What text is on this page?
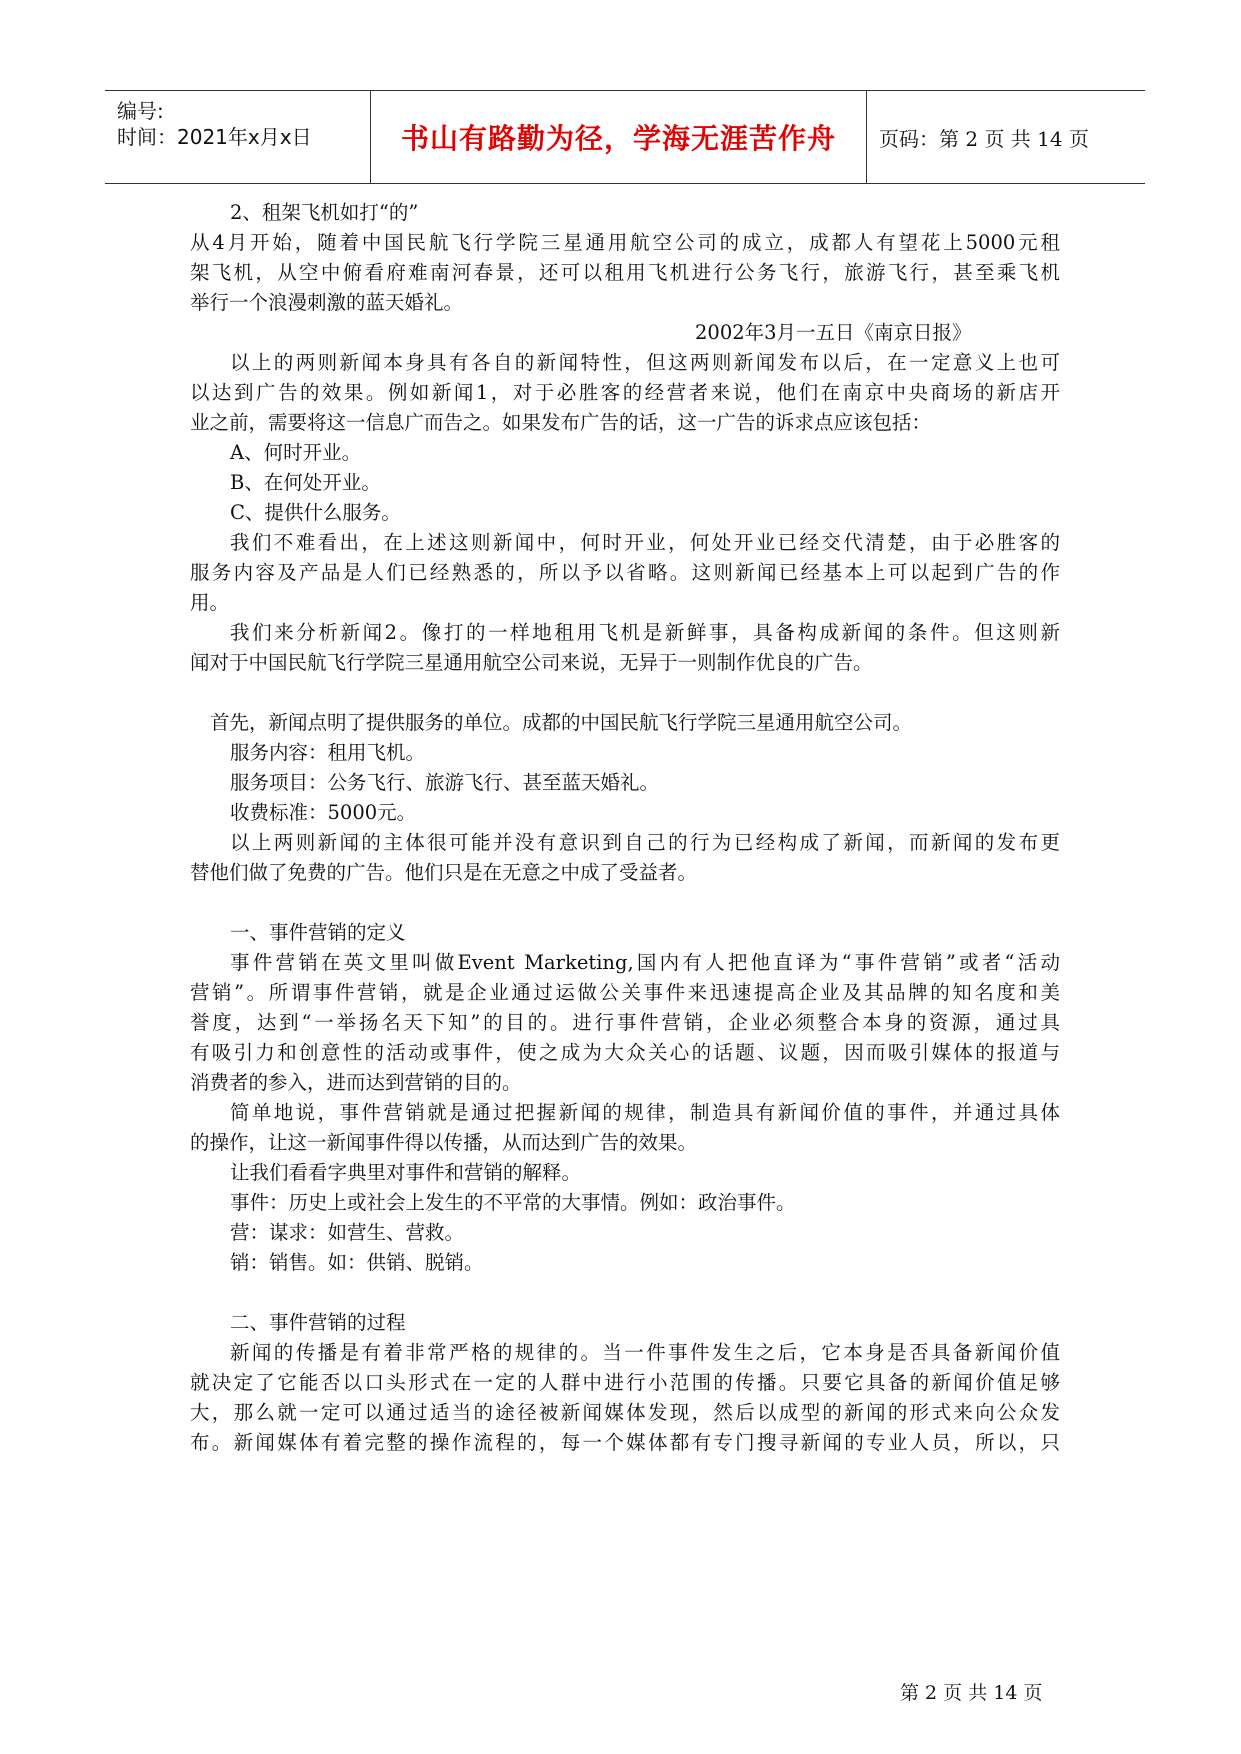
编号:
时间：2021年x月x日	书山有路勤为径，学海无涯苦作舟	页码：第 2 页 共 14 页
2、租架飞机如打“的”
从4月开始，随着中国民航飞行学院三星通用航空公司的成立，成都人有望花上5000元租
架飞机，从空中俯看府难南河春景，还可以租用飞机进行公务飞行，旅游飞行，甚至乘飞机
举行一个浪漫刺激的蓝天婚礼。
2002年3月一五日《南京日报》
以上的两则新闻本身具有各自的新闻特性，但这两则新闻发布以后，在一定意义上也可
以达到广告的效果。例如新闻1，对于必胜客的经营者来说，他们在南京中央商场的新店开
业之前，需要将这一信息广而告之。如果发布广告的话，这一广告的诉求点应该包括：
A、何时开业。
B、在何处开业。
C、提供什么服务。
我们不难看出，在上述这则新闻中，何时开业，何处开业已经交代清楚，由于必胜客的
服务内容及产品是人们已经熟悉的，所以予以省略。这则新闻已经基本上可以起到广告的作
用。
我们来分析新闻2。像打的一样地租用飞机是新鲜事，具备构成新闻的条件。但这则新
闻对于中国民航飞行学院三星通用航空公司来说，无异于一则制作优良的广告。
首先，新闻点明了提供服务的单位。成都的中国民航飞行学院三星通用航空公司。
服务内容：租用飞机。
服务项目：公务飞行、旅游飞行、甚至蓝天婚礼。
收费标准：5000元。
以上两则新闻的主体很可能并没有意识到自己的行为已经构成了新闻，而新闻的发布更
替他们做了免费的广告。他们只是在无意之中成了受益者。
一、事件营销的定义
事件营销在英文里叫做Event Marketing,国内有人把他直译为“事件营销”或者“活动
营销”。所谓事件营销，就是企业通过运做公关事件来迅速提高企业及其品牌的知名度和美
誉度，达到“一举扬名天下知”的目的。进行事件营销，企业必须整合本身的资源，通过具
有吸引力和创意性的活动或事件，使之成为大众关心的话题、议题，因而吸引媒体的报道与
消费者的参入，进而达到营销的目的。
简单地说，事件营销就是通过把握新闻的规律，制造具有新闻价值的事件，并通过具体
的操作，让这一新闻事件得以传播，从而达到广告的效果。
让我们看看字典里对事件和营销的解释。
事件：历史上或社会上发生的不平常的大事情。例如：政治事件。
营：谋求：如营生、营救。
销：销售。如：供销、脱销。
二、事件营销的过程
新闻的传播是有着非常严格的规律的。当一件事件发生之后，它本身是否具备新闻价值
就决定了它能否以口头形式在一定的人群中进行小范围的传播。只要它具备的新闻价值足够
大，那么就一定可以通过适当的途径被新闻媒体发现，然后以成型的新闻的形式来向公众发
布。新闻媒体有着完整的操作流程的，每一个媒体都有专门搜寻新闻的专业人员，所以，只
第 2 页 共 14 页
